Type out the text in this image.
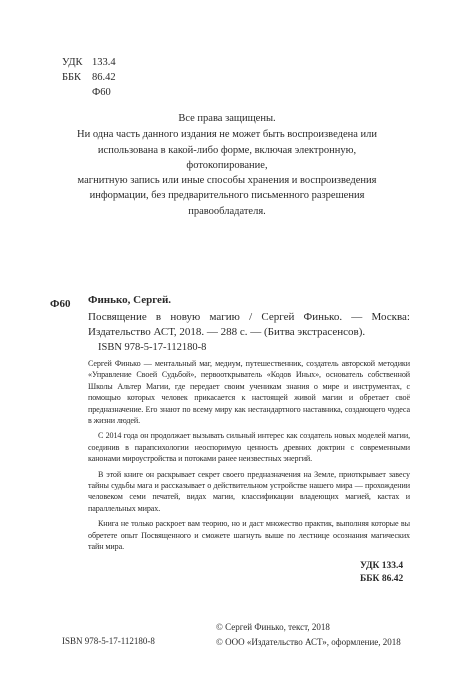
УДК 133.4
ББК	86.42
Ф60

Все права защищены.

Ни одна часть данного издания не может быть воспроизведена или

использована в какой-либо форме, включая электронную, фотокопирование,

магнитную запись или иные способы хранения и воспроизведения

информации, без предварительного письменного разрешения

правообладателя.

Ф60 Финько, Сергей.

Посвящение в новую магию / Сергей Финько. — Москва: Издательство АСТ, 2018. — 288 с. — (Битва экстрасенсов).

ISBN 978-5-17-112180-8

Сергей Финько — ментальный маг, медиум, путешественник, создатель авторской методики «Управление Своей Судьбой», первооткрыватель «Кодов Иных», основатель собственной Школы Альтер Магии, где передает своим ученикам знания о мире и инструментах, с помощью которых человек прикасается к настоящей живой магии и обретает своё предназначение. Его знают по всему миру как нестандартного наставника, создающего чудеса в жизни людей.

С 2014 года он продолжает вызывать сильный интерес как создатель новых моделей магии, соединив в парапсихологии неоспоримую ценность древних доктрин с современными канонами мироустройства и потоками ранее неизвестных энергий.

В этой книге он раскрывает секрет своего предназначения на Земле, приоткрывает завесу тайны судьбы мага и рассказывает о действительном устройстве нашего мира — прохождении человеком семи печатей, видах магии, классификации владеющих магией, кастах и параллельных мирах.

Книга не только раскроет вам теорию, но и даст множество практик, выполняя которые вы обретете опыт Посвященного и сможете шагнуть выше по лестнице осознания магических тайн мира.

УДК 133.4
ББК 86.42
ISBN 978-5-17-112180-8
© Сергей Финько, текст, 2018
© ООО «Издательство АСТ», оформление, 2018
